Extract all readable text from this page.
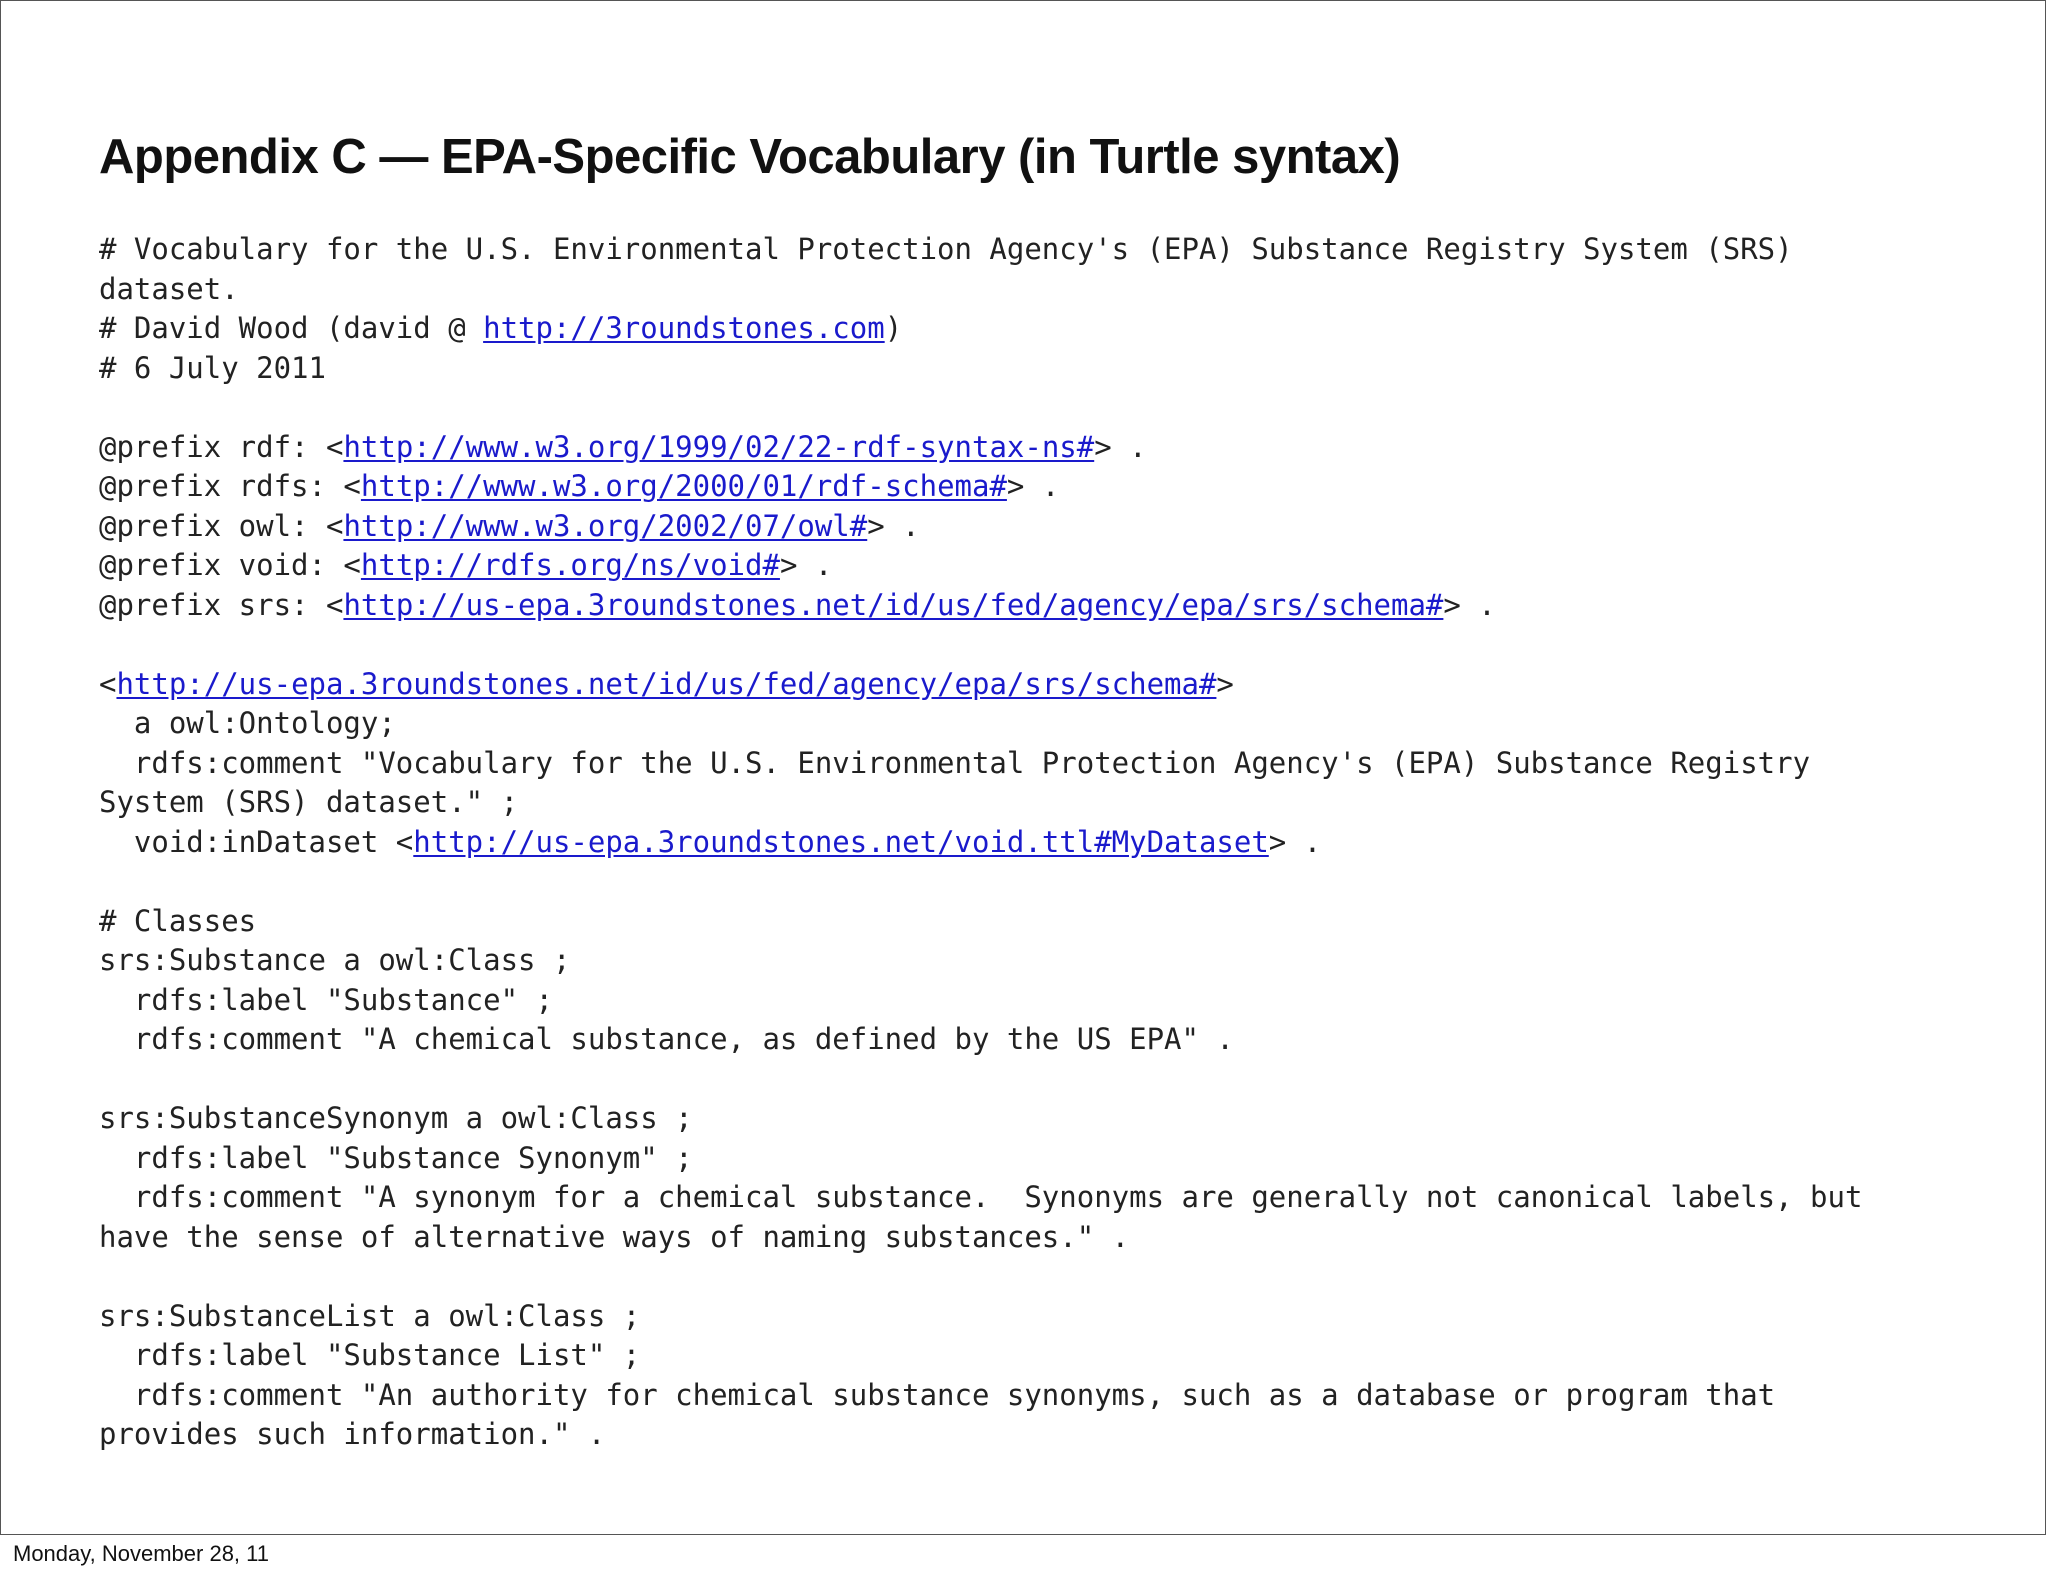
Appendix C — EPA-Specific Vocabulary (in Turtle syntax)
# Vocabulary for the U.S. Environmental Protection Agency's (EPA) Substance Registry System (SRS)
dataset.
# David Wood (david @ http://3roundstones.com)
# 6 July 2011
@prefix rdf: <http://www.w3.org/1999/02/22-rdf-syntax-ns#> .
@prefix rdfs: <http://www.w3.org/2000/01/rdf-schema#> .
@prefix owl: <http://www.w3.org/2002/07/owl#> .
@prefix void: <http://rdfs.org/ns/void#> .
@prefix srs: <http://us-epa.3roundstones.net/id/us/fed/agency/epa/srs/schema#> .
<http://us-epa.3roundstones.net/id/us/fed/agency/epa/srs/schema#>
a owl:Ontology;
rdfs:comment "Vocabulary for the U.S. Environmental Protection Agency's (EPA) Substance Registry
System (SRS) dataset." ;
void:inDataset <http://us-epa.3roundstones.net/void.ttl#MyDataset> .
# Classes
srs:Substance a owl:Class ;
rdfs:label "Substance" ;
rdfs:comment "A chemical substance, as defined by the US EPA" .
srs:SubstanceSynonym a owl:Class ;
rdfs:label "Substance Synonym" ;
rdfs:comment "A synonym for a chemical substance.  Synonyms are generally not canonical labels, but
have the sense of alternative ways of naming substances." .
srs:SubstanceList a owl:Class ;
rdfs:label "Substance List" ;
rdfs:comment "An authority for chemical substance synonyms, such as a database or program that
provides such information." .
Monday, November 28, 11
